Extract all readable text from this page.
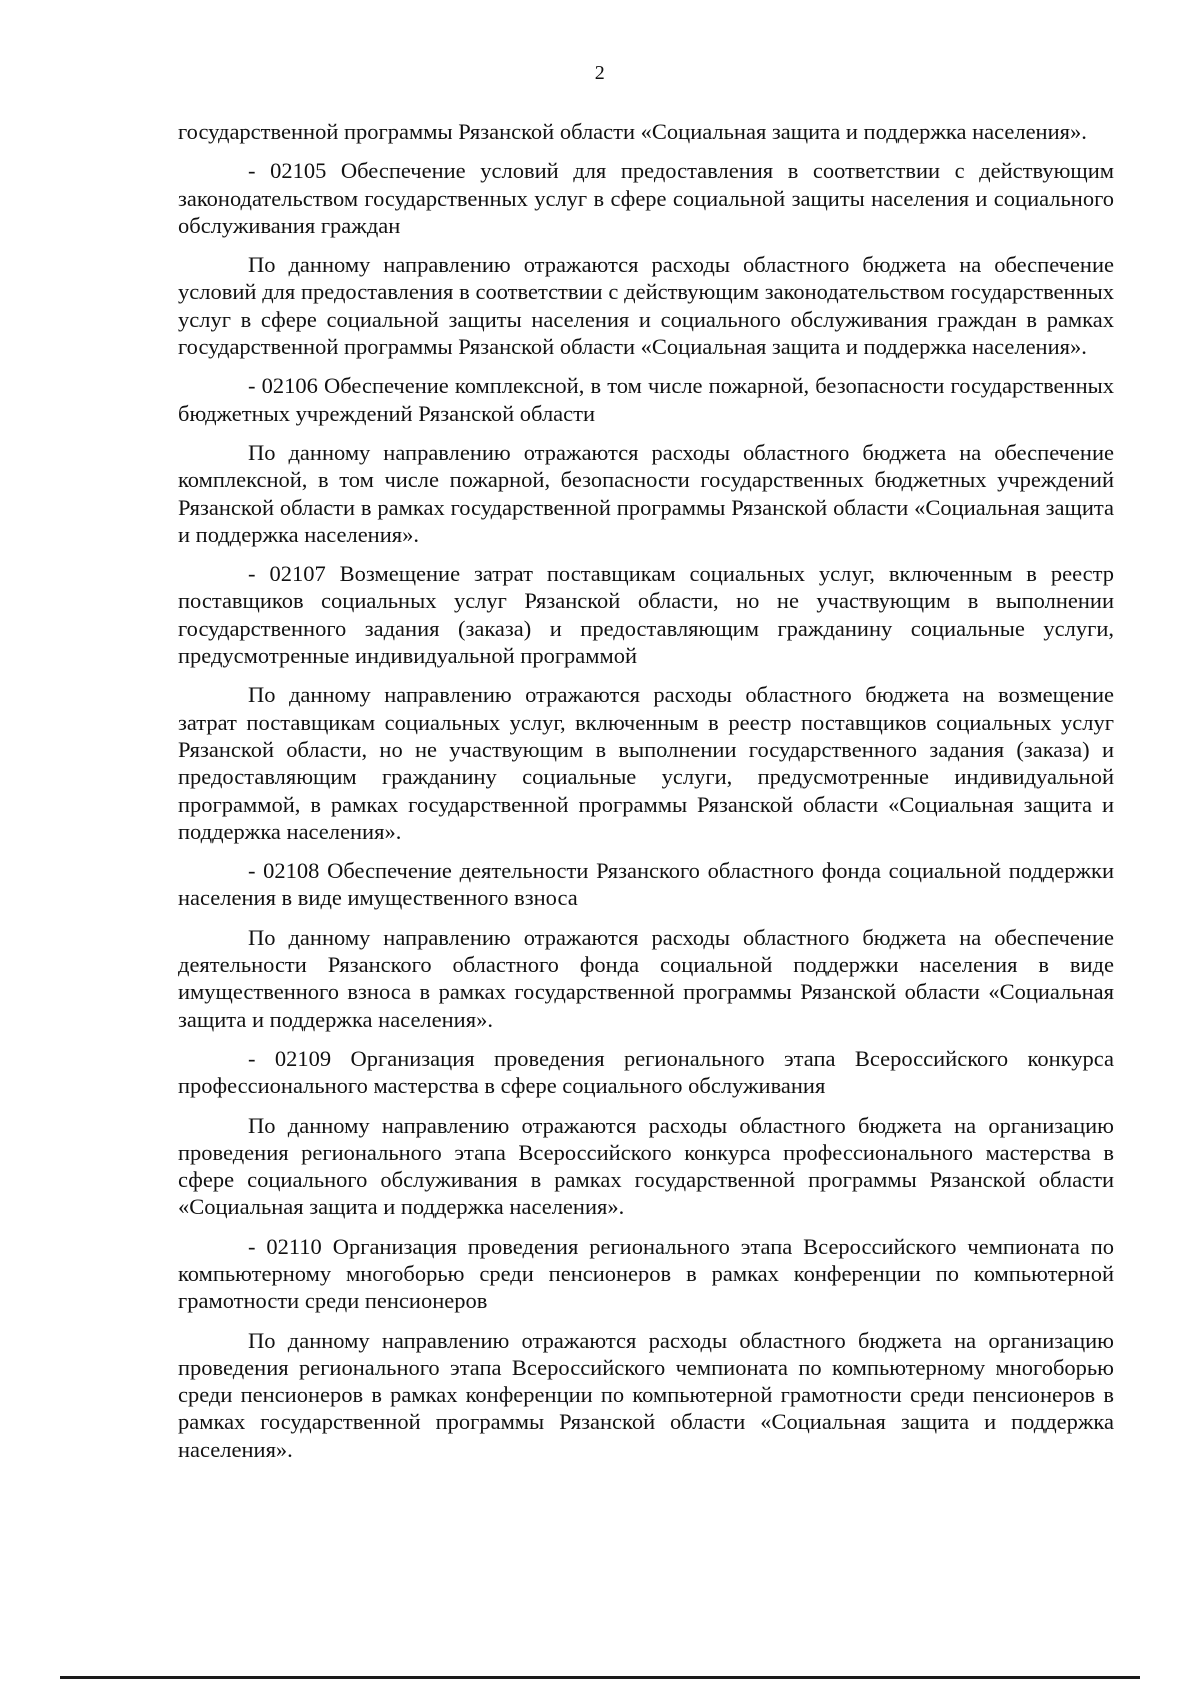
2

государственной программы Рязанской области «Социальная защита и поддержка населения».

- 02105 Обеспечение условий для предоставления в соответствии с действующим законодательством государственных услуг в сфере социальной защиты населения и социального обслуживания граждан

По данному направлению отражаются расходы областного бюджета на обеспечение условий для предоставления в соответствии с действующим законодательством государственных услуг в сфере социальной защиты населения и социального обслуживания граждан в рамках государственной программы Рязанской области «Социальная защита и поддержка населения».

- 02106 Обеспечение комплексной, в том числе пожарной, безопасности государственных бюджетных учреждений Рязанской области

По данному направлению отражаются расходы областного бюджета на обеспечение комплексной, в том числе пожарной, безопасности государственных бюджетных учреждений Рязанской области в рамках государственной программы Рязанской области «Социальная защита и поддержка населения».

- 02107 Возмещение затрат поставщикам социальных услуг, включенным в реестр поставщиков социальных услуг Рязанской области, но не участвующим в выполнении государственного задания (заказа) и предоставляющим гражданину социальные услуги, предусмотренные индивидуальной программой

По данному направлению отражаются расходы областного бюджета на возмещение затрат поставщикам социальных услуг, включенным в реестр поставщиков социальных услуг Рязанской области, но не участвующим в выполнении государственного задания (заказа) и предоставляющим гражданину социальные услуги, предусмотренные индивидуальной программой, в рамках государственной программы Рязанской области «Социальная защита и поддержка населения».

- 02108 Обеспечение деятельности Рязанского областного фонда социальной поддержки населения в виде имущественного взноса

По данному направлению отражаются расходы областного бюджета на обеспечение деятельности Рязанского областного фонда социальной поддержки населения в виде имущественного взноса в рамках государственной программы Рязанской области «Социальная защита и поддержка населения».

- 02109 Организация проведения регионального этапа Всероссийского конкурса профессионального мастерства в сфере социального обслуживания

По данному направлению отражаются расходы областного бюджета на организацию проведения регионального этапа Всероссийского конкурса профессионального мастерства в сфере социального обслуживания в рамках государственной программы Рязанской области «Социальная защита и поддержка населения».

- 02110 Организация проведения регионального этапа Всероссийского чемпионата по компьютерному многоборью среди пенсионеров в рамках конференции по компьютерной грамотности среди пенсионеров

По данному направлению отражаются расходы областного бюджета на организацию проведения регионального этапа Всероссийского чемпионата по компьютерному многоборью среди пенсионеров в рамках конференции по компьютерной грамотности среди пенсионеров в рамках государственной программы Рязанской области «Социальная защита и поддержка населения».
